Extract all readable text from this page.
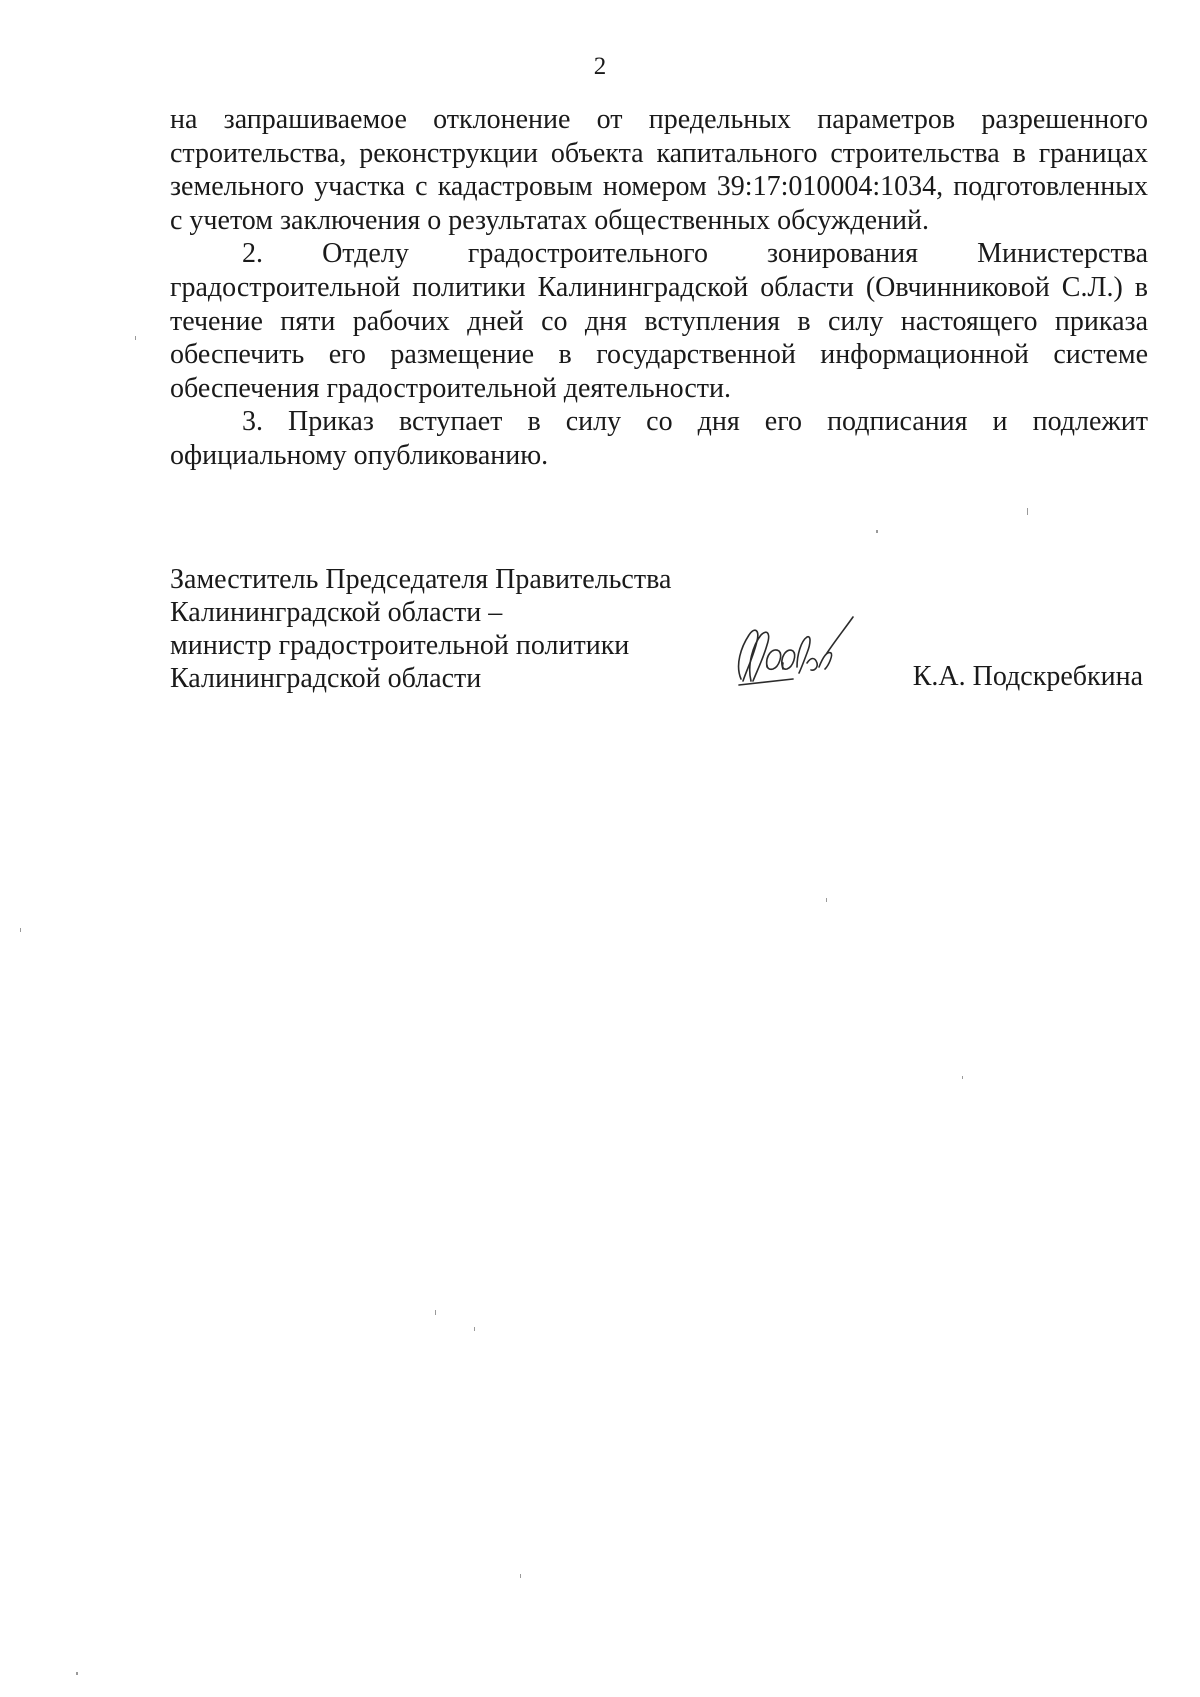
2

на запрашиваемое отклонение от предельных параметров разрешенного строительства, реконструкции объекта капитального строительства в границах земельного участка с кадастровым номером 39:17:010004:1034, подготовленных с учетом заключения о результатах общественных обсуждений.

2. Отделу градостроительного зонирования Министерства градостроительной политики Калининградской области (Овчинниковой С.Л.) в течение пяти рабочих дней со дня вступления в силу настоящего приказа обеспечить его размещение в государственной информационной системе обеспечения градостроительной деятельности.

3. Приказ вступает в силу со дня его подписания и подлежит официальному опубликованию.

Заместитель Председателя Правительства
Калининградской области –
министр градостроительной политики
Калининградской области	К.А. Подскребкина
